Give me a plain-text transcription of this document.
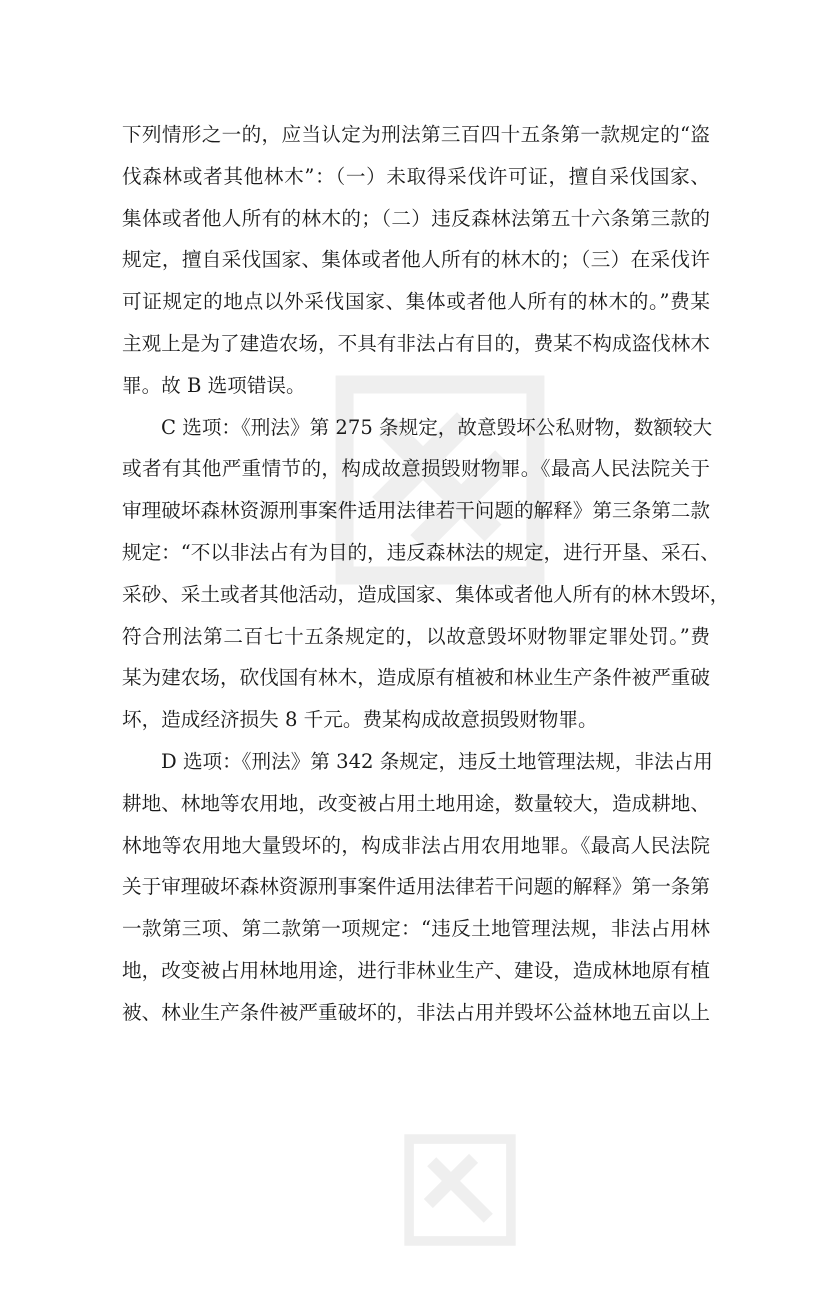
下列情形之一的，应当认定为刑法第三百四十五条第一款规定的“盗
伐森林或者其他林木”：（一）未取得采伐许可证，擅自采伐国家、
集体或者他人所有的林木的；（二）违反森林法第五十六条第三款的
规定，擅自采伐国家、集体或者他人所有的林木的；（三）在采伐许
可证规定的地点以外采伐国家、集体或者他人所有的林木的。”费某
主观上是为了建造农场，不具有非法占有目的，费某不构成盗伐林木
罪。故 B 选项错误。
C 选项：《刑法》第 275 条规定，故意毁坏公私财物，数额较大
或者有其他严重情节的，构成故意损毁财物罪。《最高人民法院关于
审理破坏森林资源刑事案件适用法律若干问题的解释》第三条第二款
规定：“不以非法占有为目的，违反森林法的规定，进行开垦、采石、
采砂、采土或者其他活动，造成国家、集体或者他人所有的林木毁坏，
符合刑法第二百七十五条规定的，以故意毁坏财物罪定罪处罚。”费
某为建农场，砍伐国有林木，造成原有植被和林业生产条件被严重破
坏，造成经济损失 8 千元。费某构成故意损毁财物罪。
D 选项：《刑法》第 342 条规定，违反土地管理法规，非法占用
耕地、林地等农用地，改变被占用土地用途，数量较大，造成耕地、
林地等农用地大量毁坏的，构成非法占用农用地罪。《最高人民法院
关于审理破坏森林资源刑事案件适用法律若干问题的解释》第一条第
一款第三项、第二款第一项规定：“违反土地管理法规，非法占用林
地，改变被占用林地用途，进行非林业生产、建设，造成林地原有植
被、林业生产条件被严重破坏的，非法占用并毁坏公益林地五亩以上
